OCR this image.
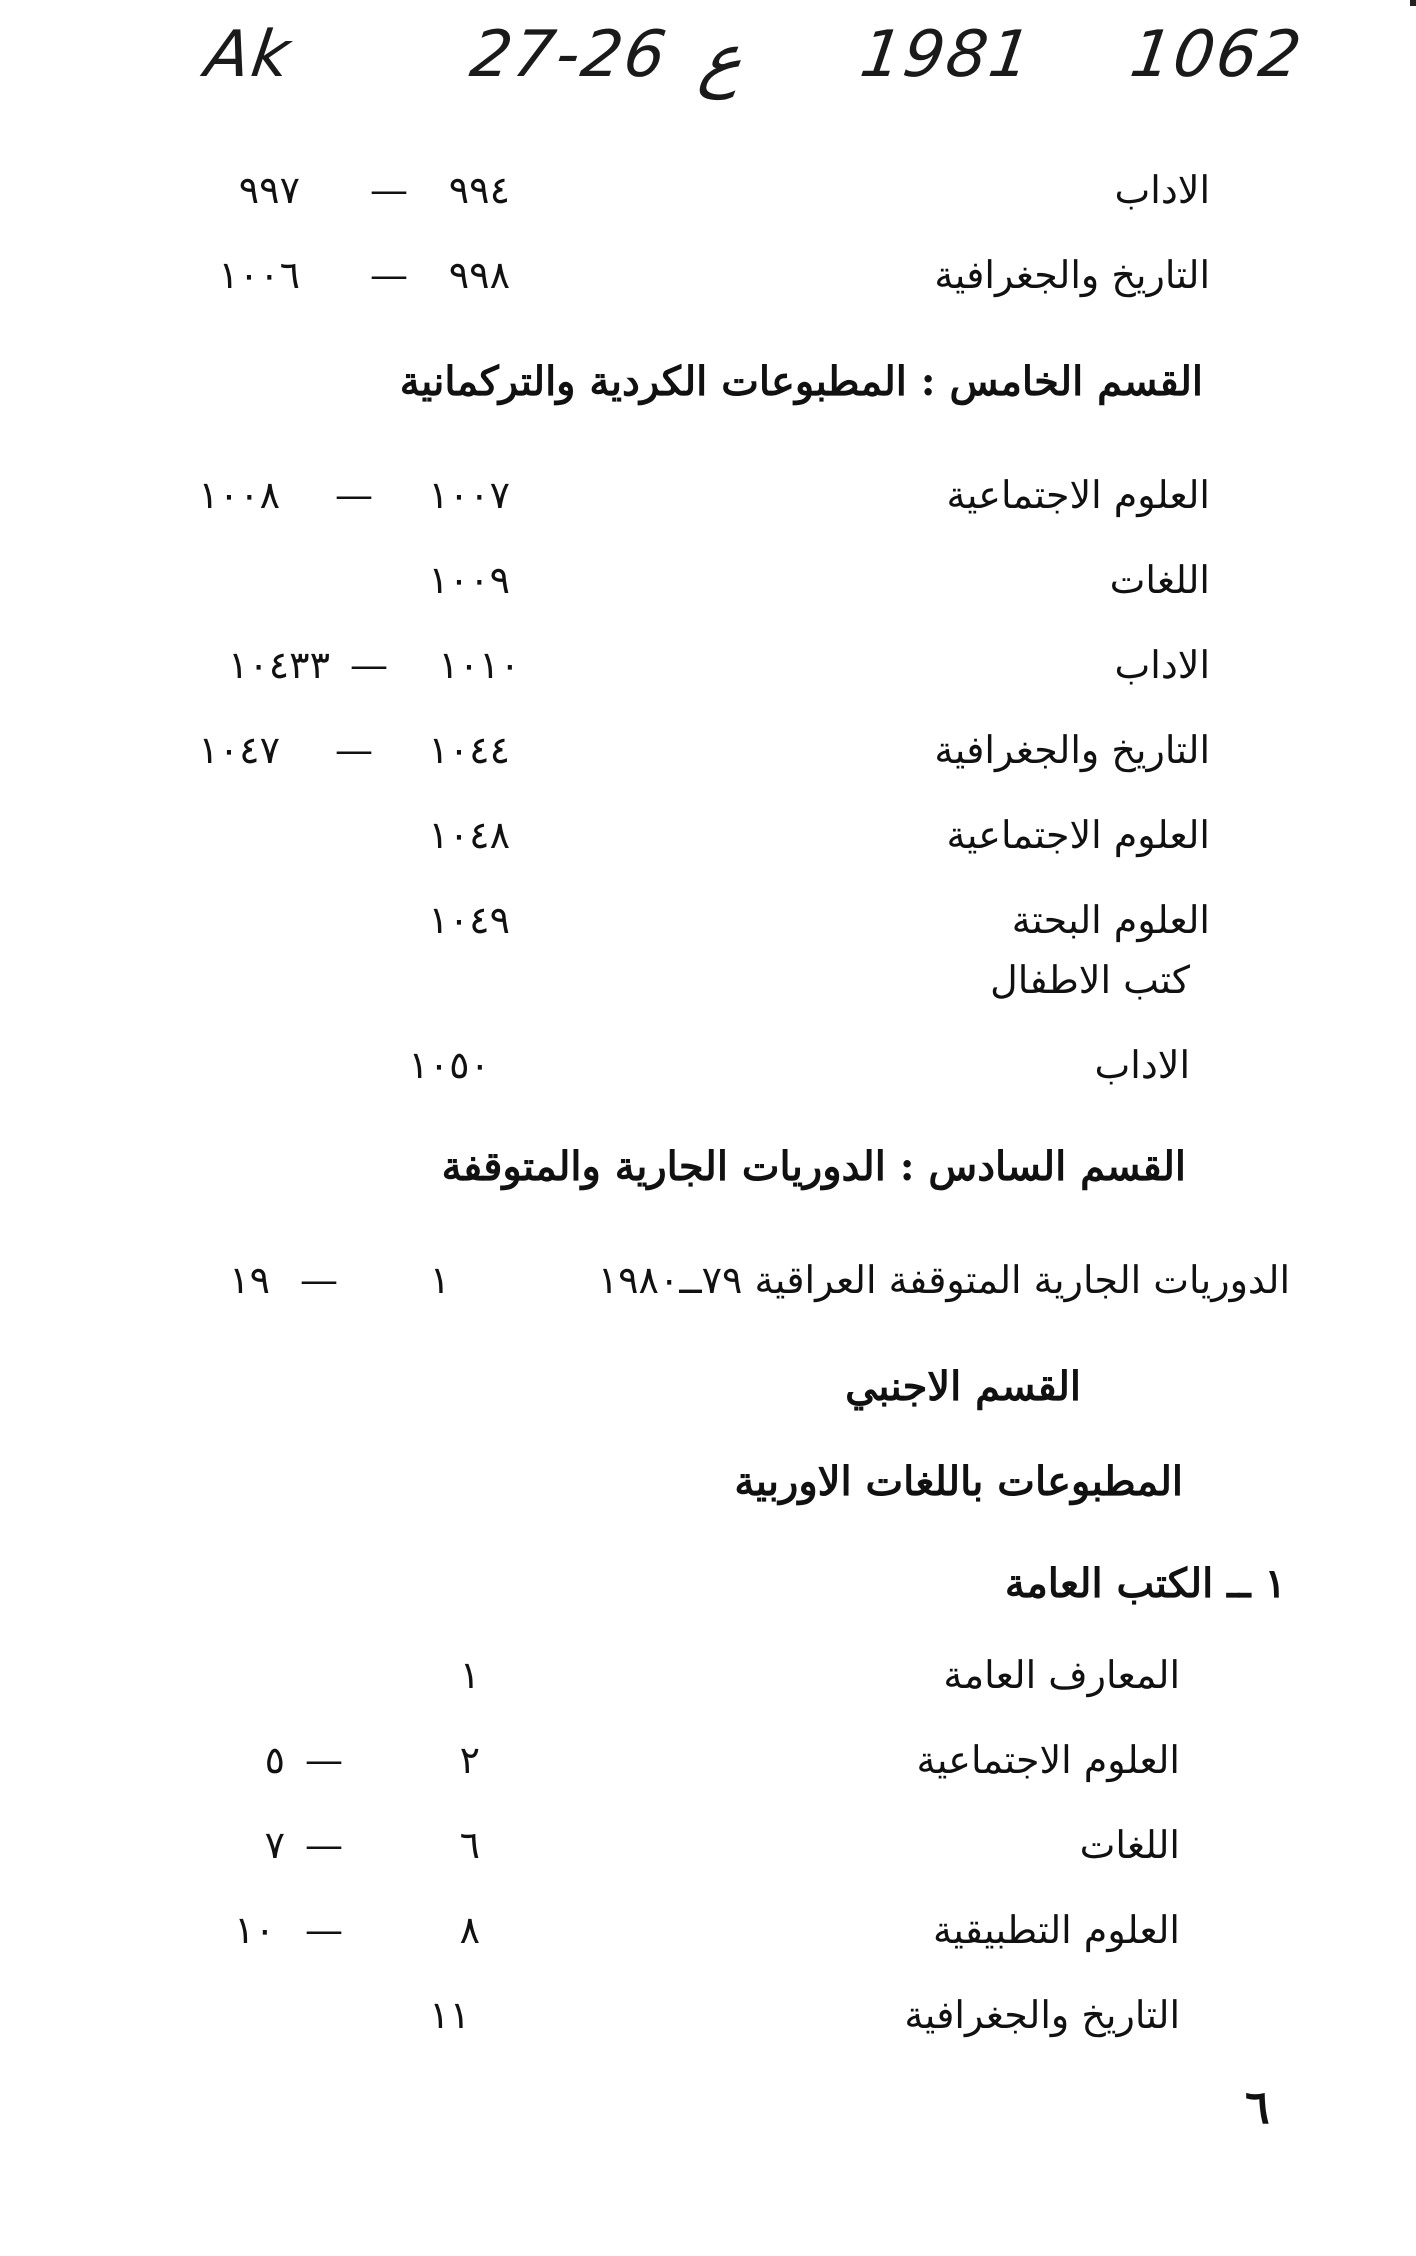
Ak	27-26 ع 1981 1062
الاداب
٩٩٤
—
٩٩٧
التاريخ والجغرافية
٩٩٨
—
١٠٠٦
القسم الخامس : المطبوعات الكردية والتركمانية
العلوم الاجتماعية
١٠٠٧
—
١٠٠٨
اللغات
١٠٠٩
الاداب
١٠١٠
—
١٠٤٣٣
التاريخ والجغرافية
١٠٤٤
—
١٠٤٧
العلوم الاجتماعية
١٠٤٨
العلوم البحتة
١٠٤٩
كتب الاطفال
الاداب
١٠٥٠
القسم السادس : الدوريات الجارية والمتوقفة
الدوريات الجارية المتوقفة العراقية ٧٩ــ١٩٨٠
١
—
١٩
القسم الاجنبي
المطبوعات باللغات الاوربية
١ ــ الكتب العامة
المعارف العامة
١
العلوم الاجتماعية
٢
—
٥
اللغات
٦
—
٧
العلوم التطبيقية
٨
—
١٠
التاريخ والجغرافية
١١
٦
